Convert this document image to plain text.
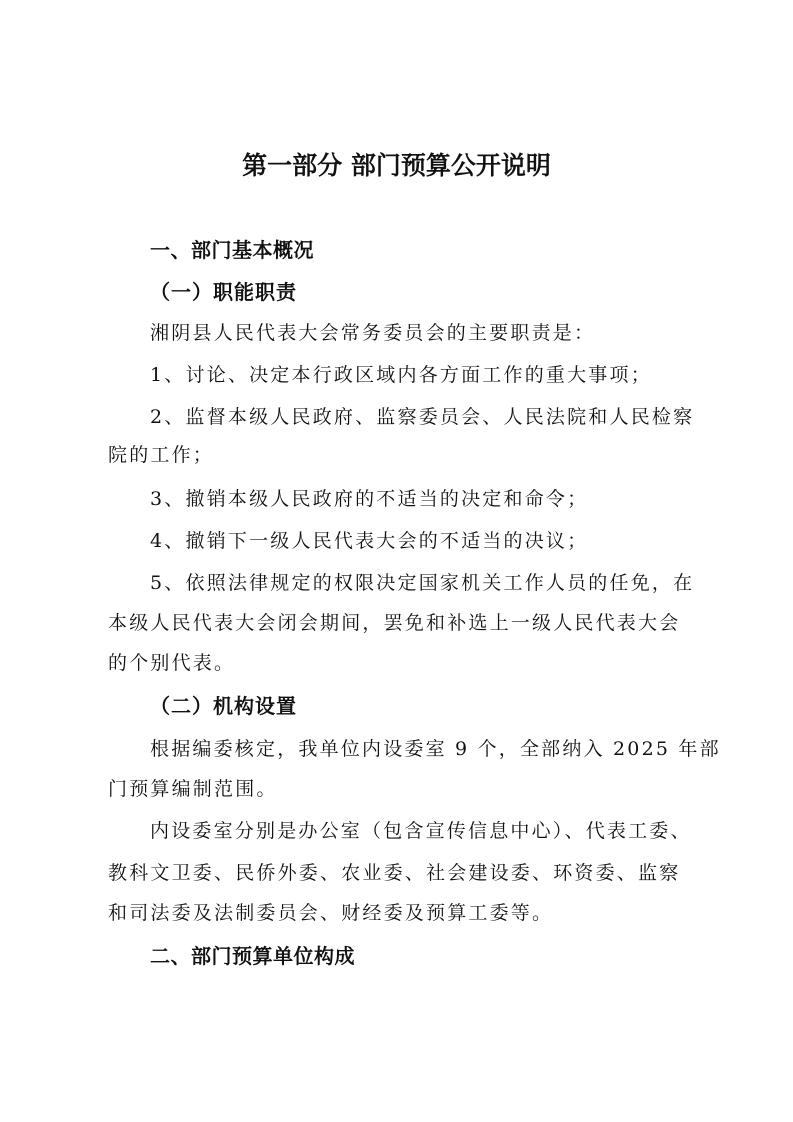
第一部分 部门预算公开说明

一、部门基本概况

（一）职能职责

湘阴县人民代表大会常务委员会的主要职责是：

1、讨论、决定本行政区域内各方面工作的重大事项；

2、监督本级人民政府、监察委员会、人民法院和人民检察

院的工作；

3、撤销本级人民政府的不适当的决定和命令；

4、撤销下一级人民代表大会的不适当的决议；

5、依照法律规定的权限决定国家机关工作人员的任免，在

本级人民代表大会闭会期间，罢免和补选上一级人民代表大会

的个别代表。

（二）机构设置

根据编委核定，我单位内设委室 9 个，全部纳入 2025 年部

门预算编制范围。

内设委室分别是办公室（包含宣传信息中心）、代表工委、

教科文卫委、民侨外委、农业委、社会建设委、环资委、监察

和司法委及法制委员会、财经委及预算工委等。

二、部门预算单位构成
